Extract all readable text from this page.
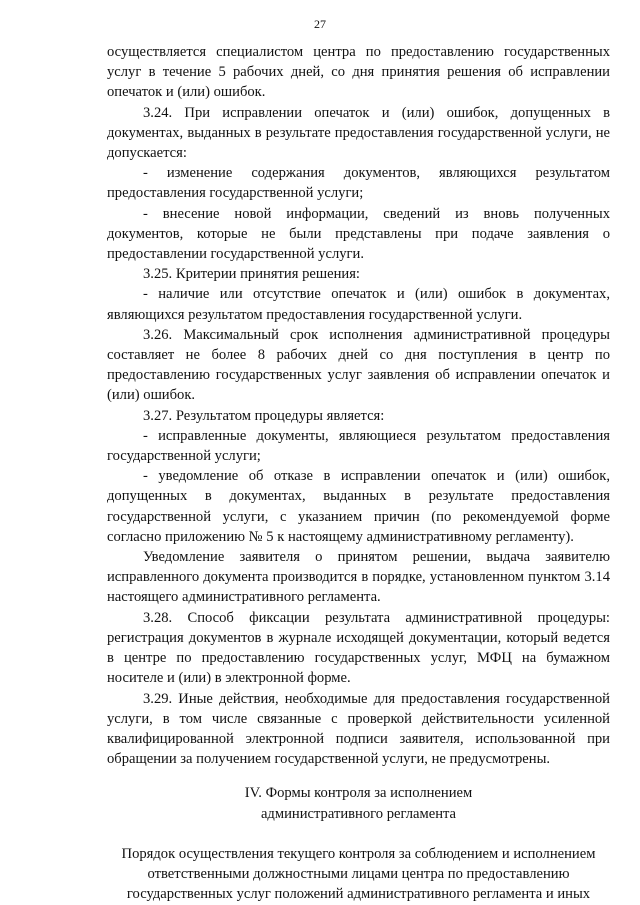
27

осуществляется специалистом центра по предоставлению государственных услуг в течение 5 рабочих дней, со дня принятия решения об исправлении опечаток и (или) ошибок.

3.24. При исправлении опечаток и (или) ошибок, допущенных в документах, выданных в результате предоставления государственной услуги, не допускается:

- изменение содержания документов, являющихся результатом предоставления государственной услуги;

- внесение новой информации, сведений из вновь полученных документов, которые не были представлены при подаче заявления о предоставлении государственной услуги.

3.25. Критерии принятия решения:

- наличие или отсутствие опечаток и (или) ошибок в документах, являющихся результатом предоставления государственной услуги.

3.26. Максимальный срок исполнения административной процедуры составляет не более 8 рабочих дней со дня поступления в центр по предоставлению государственных услуг заявления об исправлении опечаток и (или) ошибок.

3.27. Результатом процедуры является:

- исправленные документы, являющиеся результатом предоставления государственной услуги;

- уведомление об отказе в исправлении опечаток и (или) ошибок, допущенных в документах, выданных в результате предоставления государственной услуги, с указанием причин (по рекомендуемой форме согласно приложению № 5 к настоящему административному регламенту).

Уведомление заявителя о принятом решении, выдача заявителю исправленного документа производится в порядке, установленном пунктом 3.14 настоящего административного регламента.

3.28. Способ фиксации результата административной процедуры: регистрация документов в журнале исходящей документации, который ведется в центре по предоставлению государственных услуг, МФЦ на бумажном носителе и (или) в электронной форме.

3.29. Иные действия, необходимые для предоставления государственной услуги, в том числе связанные с проверкой действительности усиленной квалифицированной электронной подписи заявителя, использованной при обращении за получением государственной услуги, не предусмотрены.

IV. Формы контроля за исполнением
административного регламента
Порядок осуществления текущего контроля за соблюдением и исполнением
ответственными должностными лицами центра по предоставлению
государственных услуг положений административного регламента и иных
